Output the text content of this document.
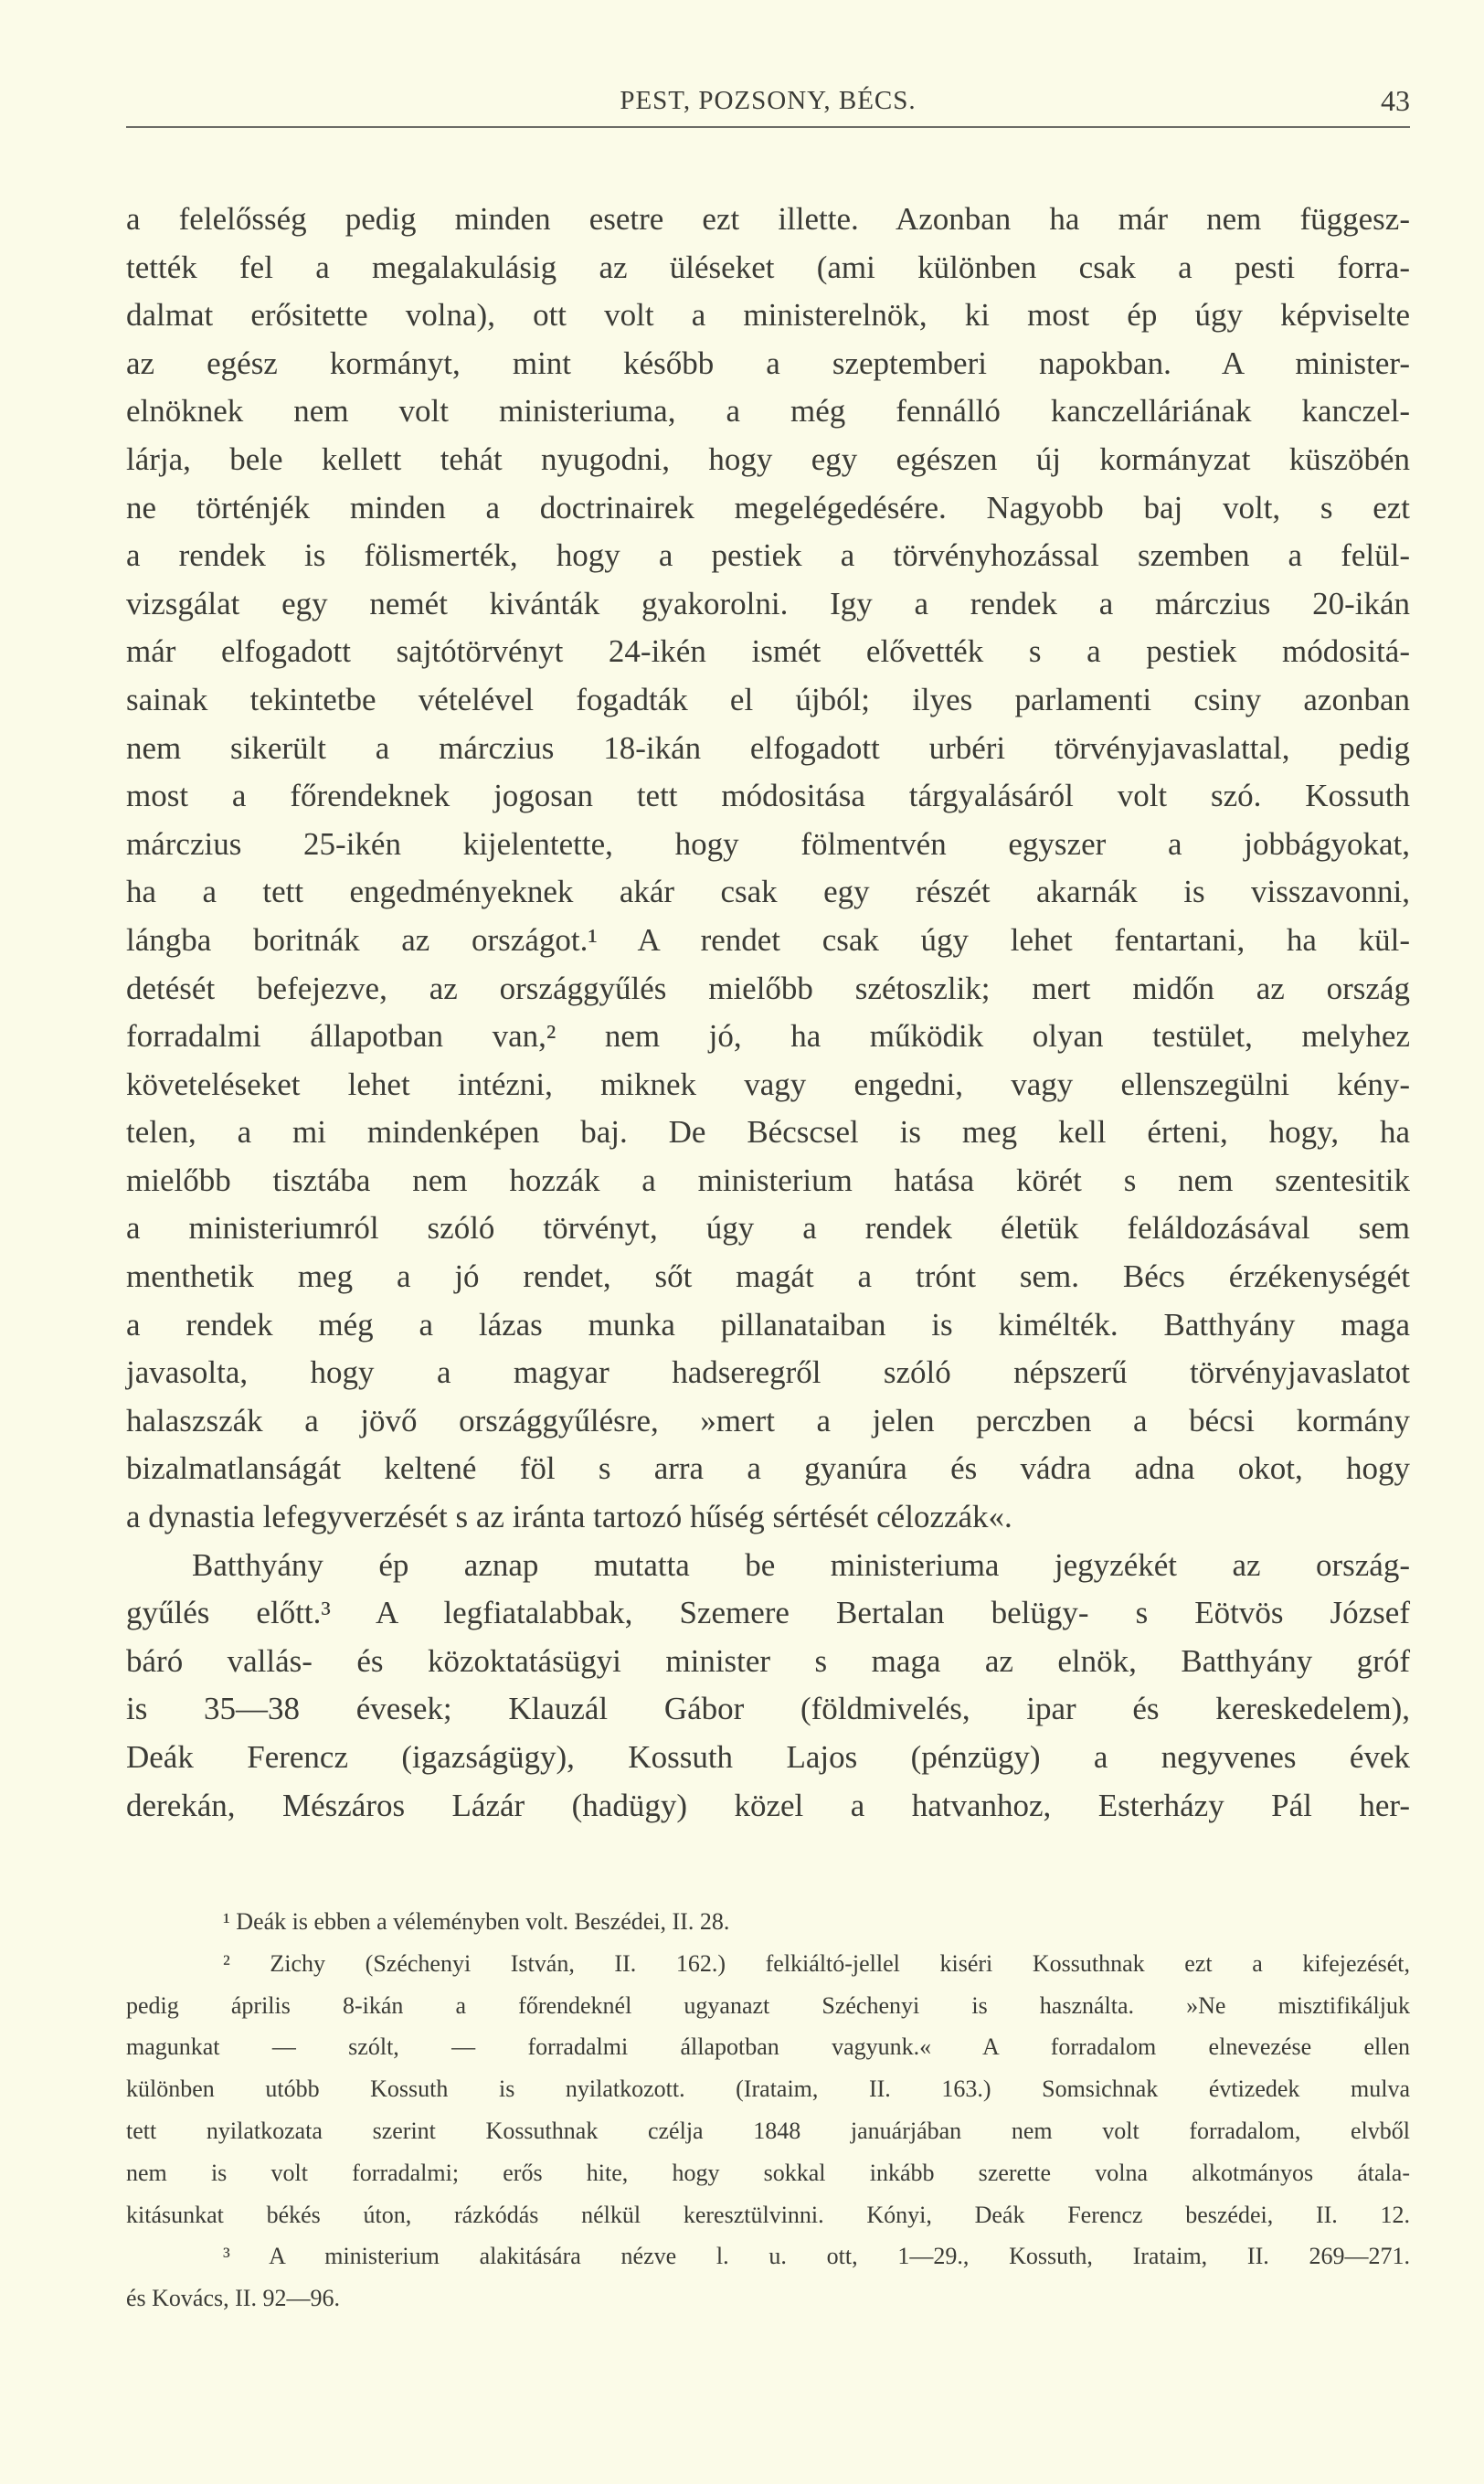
PEST, POZSONY, BÉCS.	43
a felelősség pedig minden esetre ezt illette. Azonban ha már nem függesz-
tették fel a megalakulásig az üléseket (ami különben csak a pesti forra-
dalmat erősitette volna), ott volt a ministerelnök, ki most ép úgy képviselte
az egész kormányt, mint később a szeptemberi napokban. A minister-
elnöknek nem volt ministeriuma, a még fennálló kanczelláriának kanczel-
lárja, bele kellett tehát nyugodni, hogy egy egészen új kormányzat küszöbén
ne történjék minden a doctrinairek megelégedésére. Nagyobb baj volt, s ezt
a rendek is fölismerték, hogy a pestiek a törvényhozással szemben a felül-
vizsgálat egy nemét kivánták gyakorolni. Igy a rendek a márczius 20-ikán
már elfogadott sajtótörvényt 24-ikén ismét elővették s a pestiek módositá-
sainak tekintetbe vételével fogadták el újból; ilyes parlamenti csiny azonban
nem sikerült a márczius 18-ikán elfogadott urbéri törvényjavaslattal, pedig
most a főrendeknek jogosan tett módositása tárgyalásáról volt szó. Kossuth
márczius 25-ikén kijelentette, hogy fölmentvén egyszer a jobbágyokat,
ha a tett engedményeknek akár csak egy részét akarnák is visszavonni,
lángba boritnák az országot.¹ A rendet csak úgy lehet fentartani, ha kül-
detését befejezve, az országgyűlés mielőbb szétoszlik; mert midőn az ország
forradalmi állapotban van,² nem jó, ha működik olyan testület, melyhez
követeléseket lehet intézni, miknek vagy engedni, vagy ellenszegülni kény-
telen, a mi mindenképen baj. De Bécscsel is meg kell érteni, hogy, ha
mielőbb tisztába nem hozzák a ministerium hatása körét s nem szentesitik
a ministeriumról szóló törvényt, úgy a rendek életük feláldozásával sem
menthetik meg a jó rendet, sőt magát a trónt sem. Bécs érzékenységét
a rendek még a lázas munka pillanataiban is kimélték. Batthyány maga
javasolta, hogy a magyar hadseregről szóló népszerű törvényjavaslatot
halaszszák a jövő országgyűlésre, »mert a jelen perczben a bécsi kormány
bizalmatlanságát keltené föl s arra a gyanúra és vádra adna okot, hogy
a dynastia lefegyverzését s az iránta tartozó hűség sértését célozzák«.
Batthyány ép aznap mutatta be ministeriuma jegyzékét az ország-
gyűlés előtt.³ A legfiatalabbak, Szemere Bertalan belügy- s Eötvös József
báró vallás- és közoktatásügyi minister s maga az elnök, Batthyány gróf
is 35—38 évesek; Klauzál Gábor (földmivelés, ipar és kereskedelem),
Deák Ferencz (igazságügy), Kossuth Lajos (pénzügy) a negyvenes évek
derekán, Mészáros Lázár (hadügy) közel a hatvanhoz, Esterházy Pál her-
¹ Deák is ebben a véleményben volt. Beszédei, II. 28.
² Zichy (Széchenyi István, II. 162.) felkiáltó-jellel kiséri Kossuthnak ezt a kifejezését,
pedig április 8-ikán a főrendeknél ugyanazt Széchenyi is használta. »Ne misztifikáljuk
magunkat — szólt, — forradalmi állapotban vagyunk.« A forradalom elnevezése ellen
különben utóbb Kossuth is nyilatkozott. (Irataim, II. 163.) Somsichnak évtizedek mulva
tett nyilatkozata szerint Kossuthnak czélja 1848 januárjában nem volt forradalom, elvből
nem is volt forradalmi; erős hite, hogy sokkal inkább szerette volna alkotmányos átala-
kitásunkat békés úton, rázkódás nélkül keresztülvinni. Kónyi, Deák Ferencz beszédei, II. 12.
³ A ministerium alakitására nézve l. u. ott, 1—29., Kossuth, Irataim, II. 269—271.
és Kovács, II. 92—96.
